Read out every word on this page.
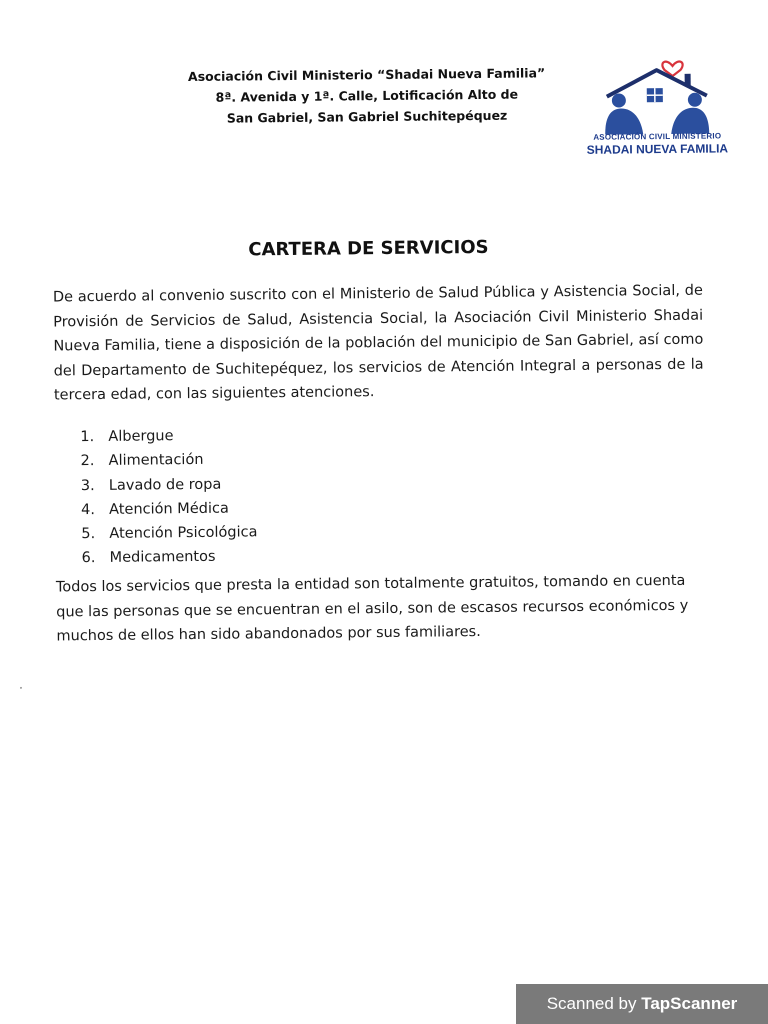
Asociación Civil Ministerio “Shadai Nueva Familia”
8ª. Avenida y 1ª. Calle, Lotificación Alto de
San Gabriel, San Gabriel Suchitepéquez
ASOCIACIÓN CIVIL MINISTERIO
SHADAI NUEVA FAMILIA
CARTERA DE SERVICIOS
De acuerdo al convenio suscrito con el Ministerio de Salud Pública y Asistencia Social, de Provisión de Servicios de Salud, Asistencia Social, la Asociación Civil Ministerio Shadai Nueva Familia, tiene a disposición de la población del municipio de San Gabriel, así como del Departamento de Suchitepéquez, los servicios de Atención Integral a personas de la tercera edad, con las siguientes atenciones.
1. Albergue
2. Alimentación
3. Lavado de ropa
4. Atención Médica
5. Atención Psicológica
6. Medicamentos
Todos los servicios que presta la entidad son totalmente gratuitos, tomando en cuenta que las personas que se encuentran en el asilo, son de escasos recursos económicos y muchos de ellos han sido abandonados por sus familiares.
Scanned by TapScanner
